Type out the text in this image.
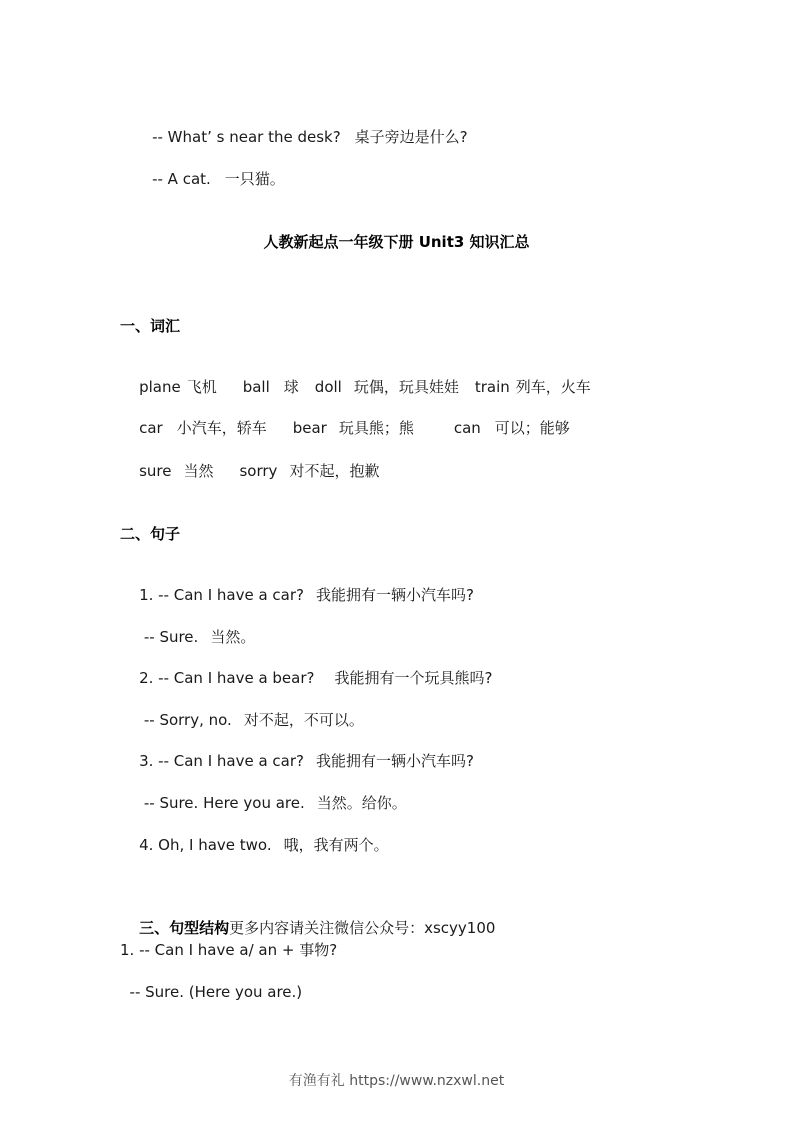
-- What’ s near the desk? 桌子旁边是什么?

-- A cat. 一只猫。

人教新起点一年级下册 Unit3 知识汇总
一、词汇

plane 飞机 ball 球 doll 玩偶，玩具娃娃 train 列车，火车

car 小汽车，轿车 bear 玩具熊；熊	can 可以；能够

sure 当然 sorry 对不起，抱歉

二、句子

1. -- Can I have a car? 我能拥有一辆小汽车吗?

-- Sure. 当然。

2. -- Can I have a bear? 我能拥有一个玩具熊吗?

-- Sorry, no. 对不起，不可以。

3. -- Can I have a car? 我能拥有一辆小汽车吗?

-- Sure. Here you are. 当然。给你。

4. Oh, I have two. 哦，我有两个。

三、句型结构更多内容请关注微信公众号：xscyy100

1. -- Can I have a/ an + 事物?
-- Sure. (Here you are.)
有渔有礼 https://www.nzxwl.net
